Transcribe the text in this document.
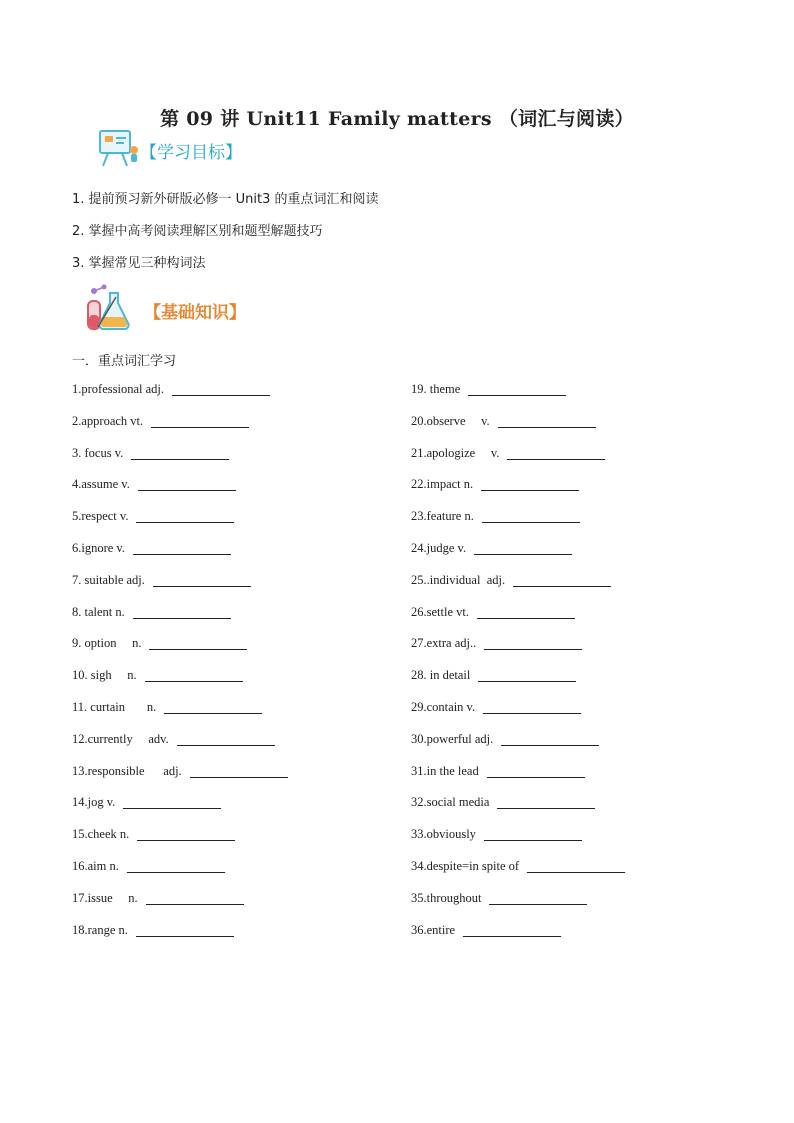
第 09 讲 Unit11 Family matters （词汇与阅读）
【学习目标】
1. 提前预习新外研版必修一 Unit3 的重点词汇和阅读
2. 掌握中高考阅读理解区别和题型解题技巧
3. 掌握常见三种构词法
【基础知识】
一．重点词汇学习
1.professional adj.
2.approach vt.
3. focus v.
4.assume v.
5.respect v.
6.ignore v.
7. suitable adj.
8. talent n.
9. option     n.
10. sigh     n.
11. curtain       n.
12.currently     adv.
13.responsible      adj.
14.jog v.
15.cheek n.
16.aim n.
17.issue     n.
18.range n.
19. theme
20.observe     v.
21.apologize     v.
22.impact n.
23.feature n.
24.judge v.
25..individual  adj.
26.settle vt.
27.extra adj..
28. in detail
29.contain v.
30.powerful adj.
31.in the lead
32.social media
33.obviously
34.despite=in spite of
35.throughout
36.entire
